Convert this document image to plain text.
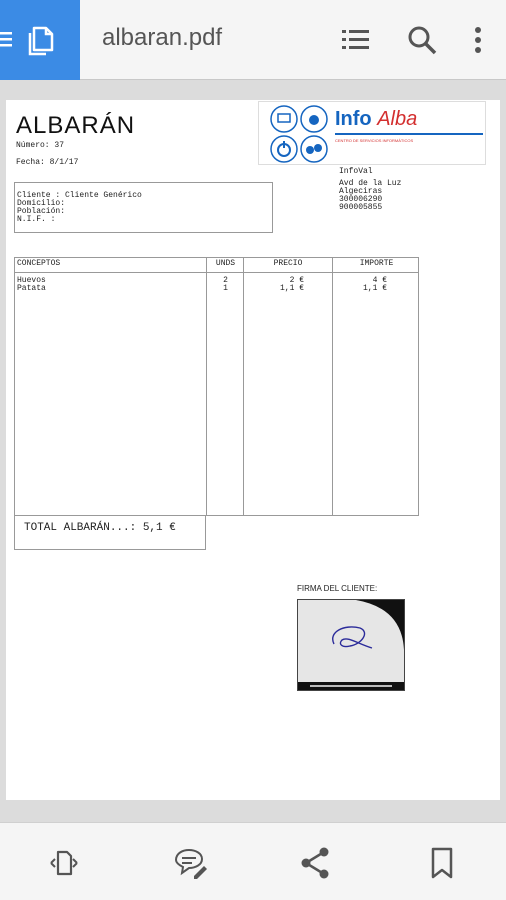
albaran.pdf
ALBARÁN
Número: 37
Fecha: 8/1/17
Info Alba
CENTRO DE SERVICIOS INFORMÁTICOS
Cliente : Cliente Genérico
Domicilio:
Población:
N.I.F. :
InfoVal
Avd de la Luz
Algeciras
300006290
900005855
CONCEPTOS	UNDS	PRECIO	IMPORTE
Huevos	2	2 €	4 €
Patata	1	1,1 €	1,1 €
TOTAL ALBARÁN...: 5,1 €
FIRMA DEL CLIENTE:
